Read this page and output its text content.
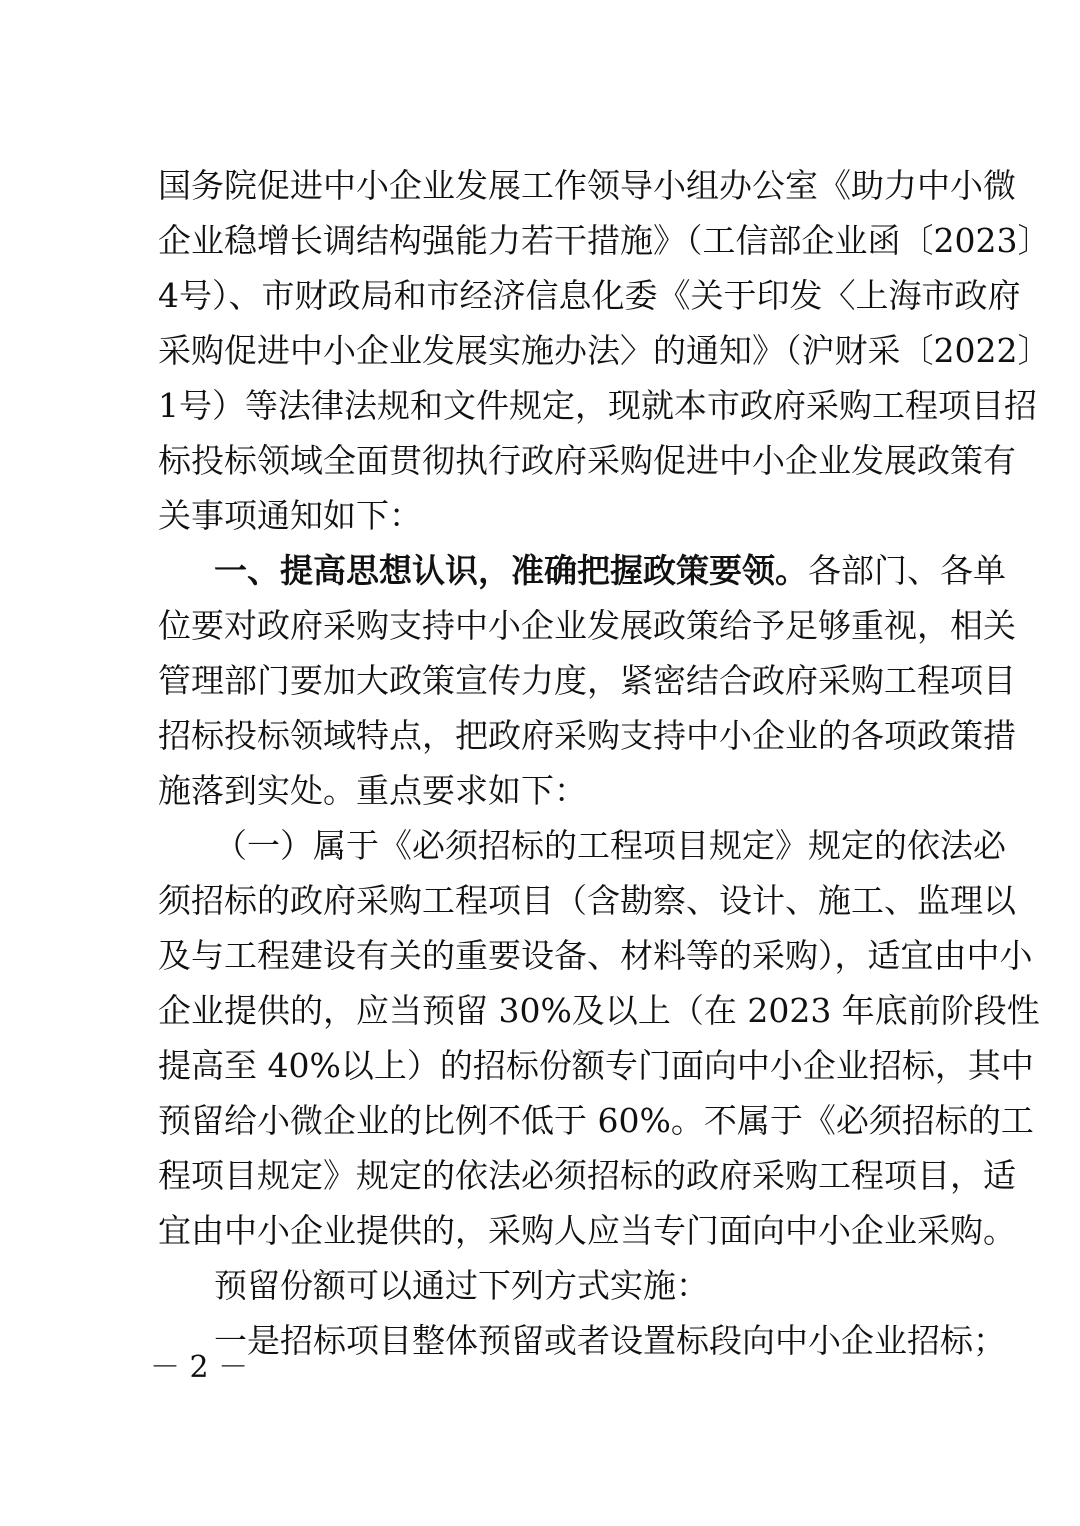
国务院促进中小企业发展工作领导小组办公室《助力中小微
企业稳增长调结构强能力若干措施》（工信部企业函〔2023〕
4号）、市财政局和市经济信息化委《关于印发〈上海市政府
采购促进中小企业发展实施办法〉的通知》（沪财采〔2022〕
1号）等法律法规和文件规定，现就本市政府采购工程项目招
标投标领域全面贯彻执行政府采购促进中小企业发展政策有
关事项通知如下：
一、提高思想认识，准确把握政策要领。各部门、各单
位要对政府采购支持中小企业发展政策给予足够重视，相关
管理部门要加大政策宣传力度，紧密结合政府采购工程项目
招标投标领域特点，把政府采购支持中小企业的各项政策措
施落到实处。重点要求如下：
（一）属于《必须招标的工程项目规定》规定的依法必
须招标的政府采购工程项目（含勘察、设计、施工、监理以
及与工程建设有关的重要设备、材料等的采购），适宜由中小
企业提供的，应当预留 30%及以上（在 2023 年底前阶段性
提高至 40%以上）的招标份额专门面向中小企业招标，其中
预留给小微企业的比例不低于 60%。不属于《必须招标的工
程项目规定》规定的依法必须招标的政府采购工程项目，适
宜由中小企业提供的，采购人应当专门面向中小企业采购。
预留份额可以通过下列方式实施：
一是招标项目整体预留或者设置标段向中小企业招标；
－ 2 －
